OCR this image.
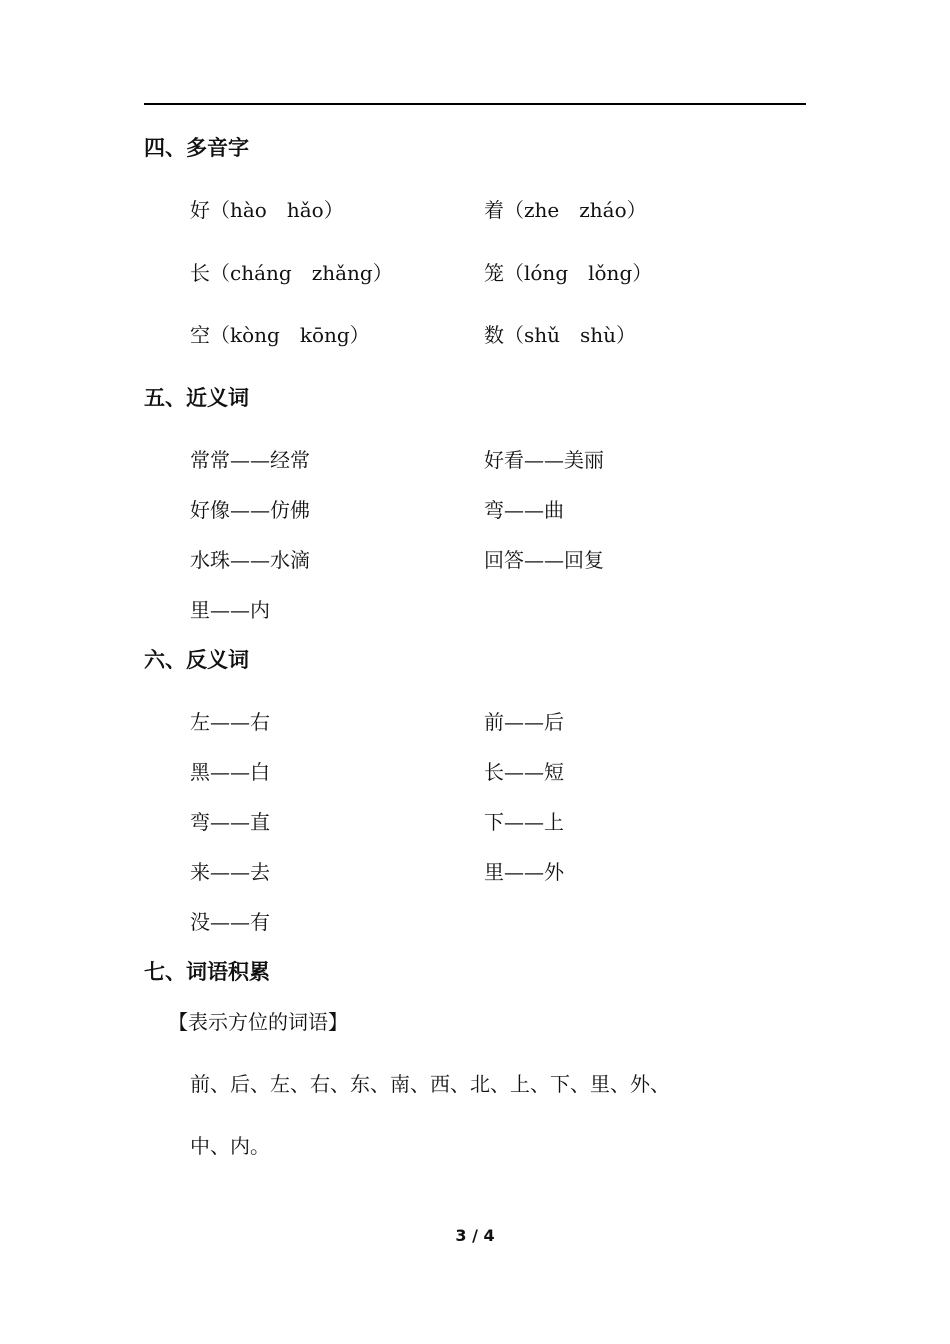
四、多音字
好（hào　hǎo）	着（zhe　zháo）
长（cháng　zhǎng）	笼（lóng　lǒng）
空（kòng　kōng）	数（shǔ　shù）
五、近义词
常常——经常	好看——美丽
好像——仿佛	弯——曲
水珠——水滴	回答——回复
里——内
六、反义词
左——右	前——后
黑——白	长——短
弯——直	下——上
来——去	里——外
没——有
七、词语积累
【表示方位的词语】
前、后、左、右、东、南、西、北、上、下、里、外、
中、内。
3 / 4
